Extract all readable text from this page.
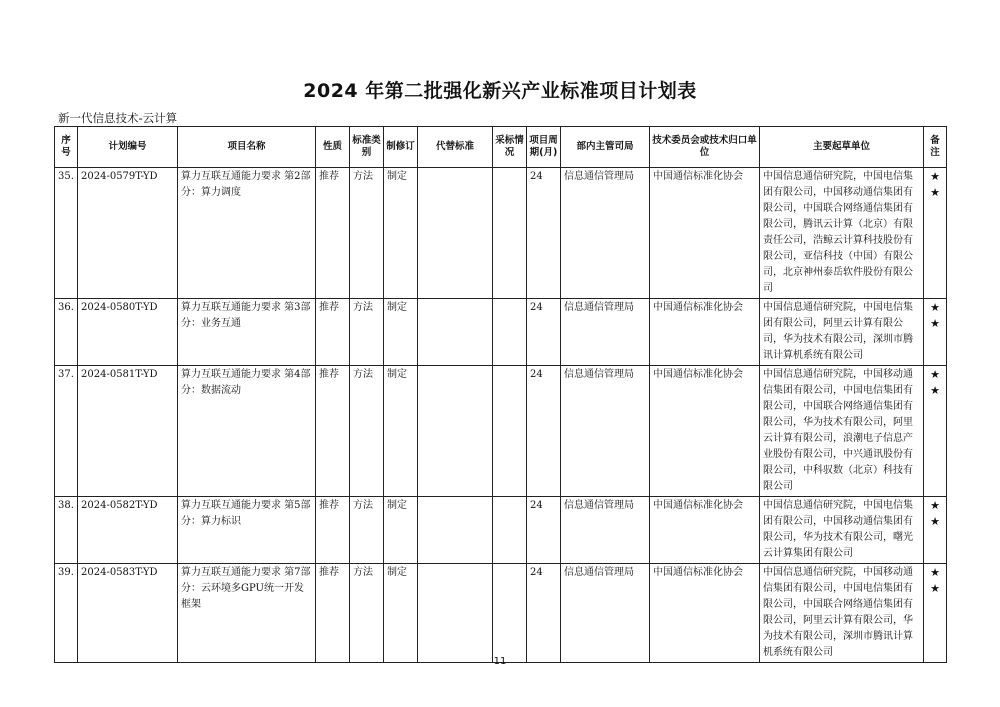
2024 年第二批强化新兴产业标准项目计划表
新一代信息技术-云计算
序号	计划编号	项目名称	性质	标准类别	制修订	代替标准	采标情况	项目周期(月)	部内主管司局	技术委员会或技术归口单位	主要起草单位	备注
35.	2024-0579T-YD	算力互联互通能力要求 第2部分：算力调度	推荐	方法	制定			24	信息通信管理局	中国通信标准化协会	中国信息通信研究院，中国电信集团有限公司，中国移动通信集团有限公司，中国联合网络通信集团有限公司，腾讯云计算（北京）有限责任公司，浩鲸云计算科技股份有限公司，亚信科技（中国）有限公司，北京神州泰岳软件股份有限公司	★★
36.	2024-0580T-YD	算力互联互通能力要求 第3部分：业务互通	推荐	方法	制定			24	信息通信管理局	中国通信标准化协会	中国信息通信研究院，中国电信集团有限公司，阿里云计算有限公司，华为技术有限公司，深圳市腾讯计算机系统有限公司	★★
37.	2024-0581T-YD	算力互联互通能力要求 第4部分：数据流动	推荐	方法	制定			24	信息通信管理局	中国通信标准化协会	中国信息通信研究院，中国移动通信集团有限公司，中国电信集团有限公司，中国联合网络通信集团有限公司，华为技术有限公司，阿里云计算有限公司，浪潮电子信息产业股份有限公司，中兴通讯股份有限公司，中科驭数（北京）科技有限公司	★★
38.	2024-0582T-YD	算力互联互通能力要求 第5部分：算力标识	推荐	方法	制定			24	信息通信管理局	中国通信标准化协会	中国信息通信研究院，中国电信集团有限公司，中国移动通信集团有限公司，华为技术有限公司，曙光云计算集团有限公司	★★
39.	2024-0583T-YD	算力互联互通能力要求 第7部分：云环境多GPU统一开发框架	推荐	方法	制定			24	信息通信管理局	中国通信标准化协会	中国信息通信研究院，中国移动通信集团有限公司，中国电信集团有限公司，中国联合网络通信集团有限公司，阿里云计算有限公司，华为技术有限公司，深圳市腾讯计算机系统有限公司	★★
11
